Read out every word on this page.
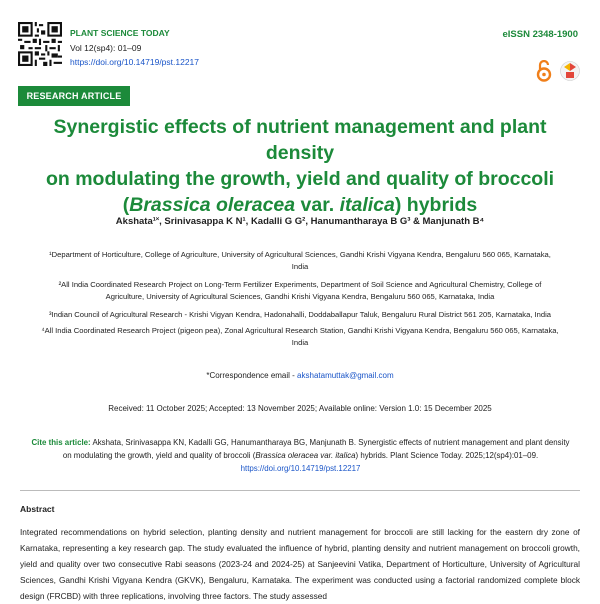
PLANT SCIENCE TODAY
Vol 12(sp4): 01–09
https://doi.org/10.14719/pst.12217
eISSN 2348-1900
RESEARCH ARTICLE
Synergistic effects of nutrient management and plant density
on modulating the growth, yield and quality of broccoli
(Brassica oleracea var. italica) hybrids
Akshata¹˟, Srinivasappa K N¹, Kadalli G G², Hanumantharaya B G³ & Manjunath B⁴
¹Department of Horticulture, College of Agriculture, University of Agricultural Sciences, Gandhi Krishi Vigyana Kendra, Bengaluru 560 065, Karnataka, India
²All India Coordinated Research Project on Long-Term Fertilizer Experiments, Department of Soil Science and Agricultural Chemistry, College of Agriculture, University of Agricultural Sciences, Gandhi Krishi Vigyana Kendra, Bengaluru 560 065, Karnataka, India
³Indian Council of Agricultural Research - Krishi Vigyan Kendra, Hadonahalli, Doddaballapur Taluk, Bengaluru Rural District 561 205, Karnataka, India
⁴All India Coordinated Research Project (pigeon pea), Zonal Agricultural Research Station, Gandhi Krishi Vigyana Kendra, Bengaluru 560 065, Karnataka, India
*Correspondence email - akshatamuttak@gmail.com
Received: 11 October 2025; Accepted: 13 November 2025; Available online: Version 1.0: 15 December 2025
Cite this article: Akshata, Srinivasappa KN, Kadalli GG, Hanumantharaya BG, Manjunath B. Synergistic effects of nutrient management and plant density on modulating the growth, yield and quality of broccoli (Brassica oleracea var. italica) hybrids. Plant Science Today. 2025;12(sp4):01–09. https://doi.org/10.14719/pst.12217
Abstract
Integrated recommendations on hybrid selection, planting density and nutrient management for broccoli are still lacking for the eastern dry zone of Karnataka, representing a key research gap. The study evaluated the influence of hybrid, planting density and nutrient management on broccoli growth, yield and quality over two consecutive Rabi seasons (2023-24 and 2024-25) at Sanjeevini Vatika, Department of Horticulture, University of Agricultural Sciences, Gandhi Krishi Vigyana Kendra (GKVK), Bengaluru, Karnataka. The experiment was conducted using a factorial randomized complete block design (FRCBD) with three replications, involving three factors. The study assessed
